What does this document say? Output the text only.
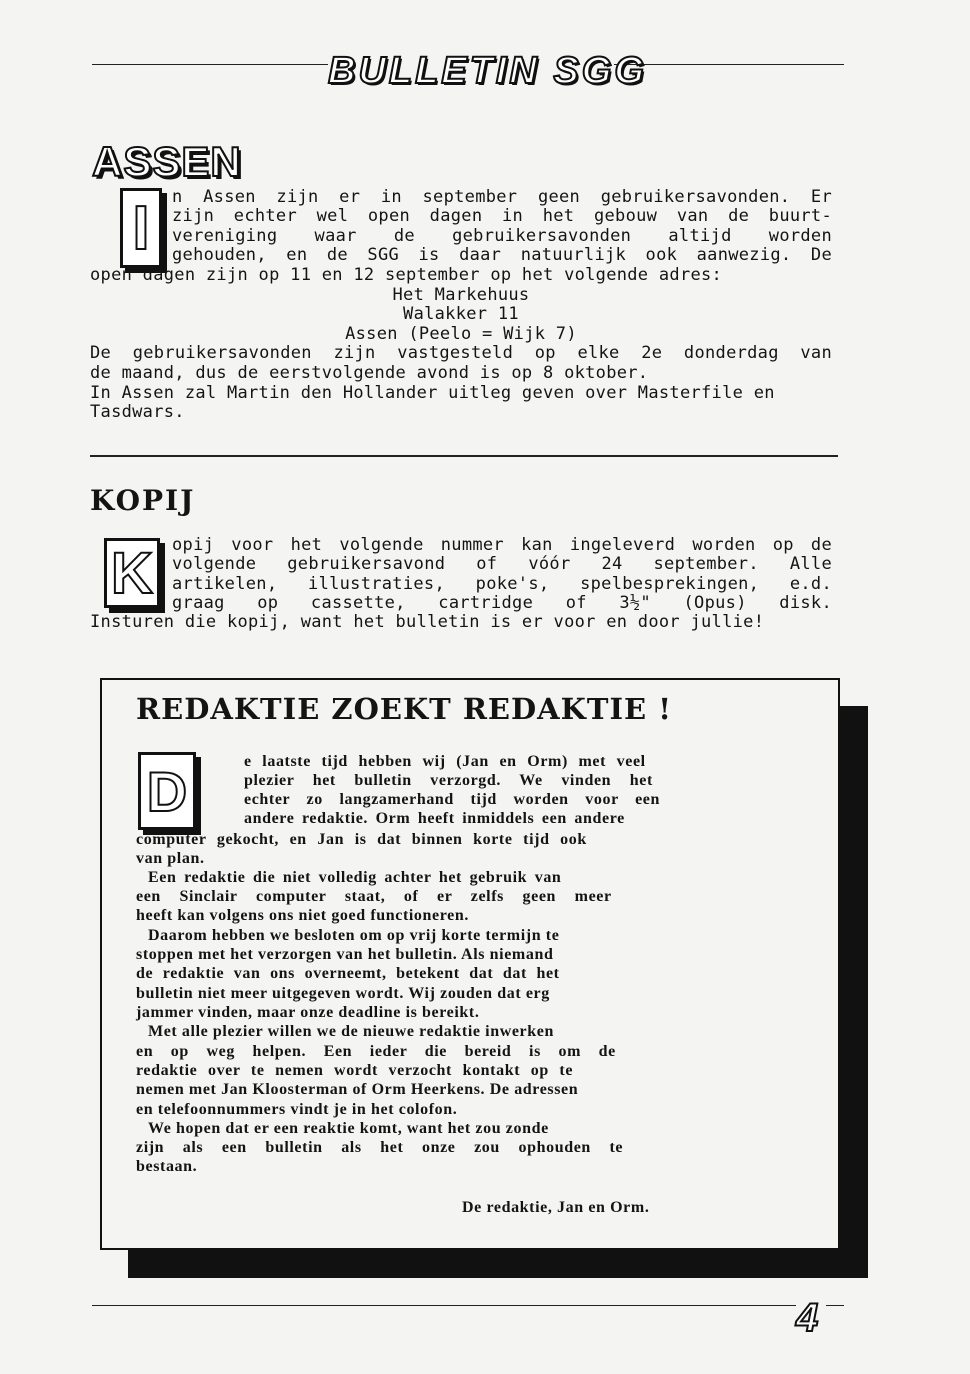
BULLETIN SGG
ASSEN
I	n Assen zijn er in september geen gebruikersavonden. Er
zijn echter wel open dagen in het gebouw van de buurt-
vereniging waar de gebruikersavonden altijd worden
gehouden, en de SGG is daar natuurlijk ook aanwezig. De
open dagen zijn op 11 en 12 september op het volgende adres:
Het Markehuus
Walakker 11
Assen (Peelo = Wijk 7)
De gebruikersavonden zijn vastgesteld op elke 2e donderdag van
de maand, dus de eerstvolgende avond is op 8 oktober.
In Assen zal Martin den Hollander uitleg geven over Masterfile en
Tasdwars.
KOPIJ
K	opij voor het volgende nummer kan ingeleverd worden op de
volgende gebruikersavond of vóór 24 september. Alle
artikelen, illustraties, poke's, spelbesprekingen, e.d.
graag op cassette, cartridge of 3½" (Opus) disk.
Insturen die kopij, want het bulletin is er voor en door jullie!
REDAKTIE ZOEKT REDAKTIE !
D	e laatste tijd hebben wij (Jan en Orm) met veel
plezier het bulletin verzorgd. We vinden het
echter zo langzamerhand tijd worden voor een
andere redaktie. Orm heeft inmiddels een andere
computer gekocht, en Jan is dat binnen korte tijd ook
van plan.
Een redaktie die niet volledig achter het gebruik van
een Sinclair computer staat, of er zelfs geen meer
heeft kan volgens ons niet goed functioneren.
Daarom hebben we besloten om op vrij korte termijn te
stoppen met het verzorgen van het bulletin. Als niemand
de redaktie van ons overneemt, betekent dat dat het
bulletin niet meer uitgegeven wordt. Wij zouden dat erg
jammer vinden, maar onze deadline is bereikt.
Met alle plezier willen we de nieuwe redaktie inwerken
en op weg helpen. Een ieder die bereid is om de
redaktie over te nemen wordt verzocht kontakt op te
nemen met Jan Kloosterman of Orm Heerkens. De adressen
en telefoonnummers vindt je in het colofon.
We hopen dat er een reaktie komt, want het zou zonde
zijn als een bulletin als het onze zou ophouden te
bestaan.
De redaktie, Jan en Orm.
4
